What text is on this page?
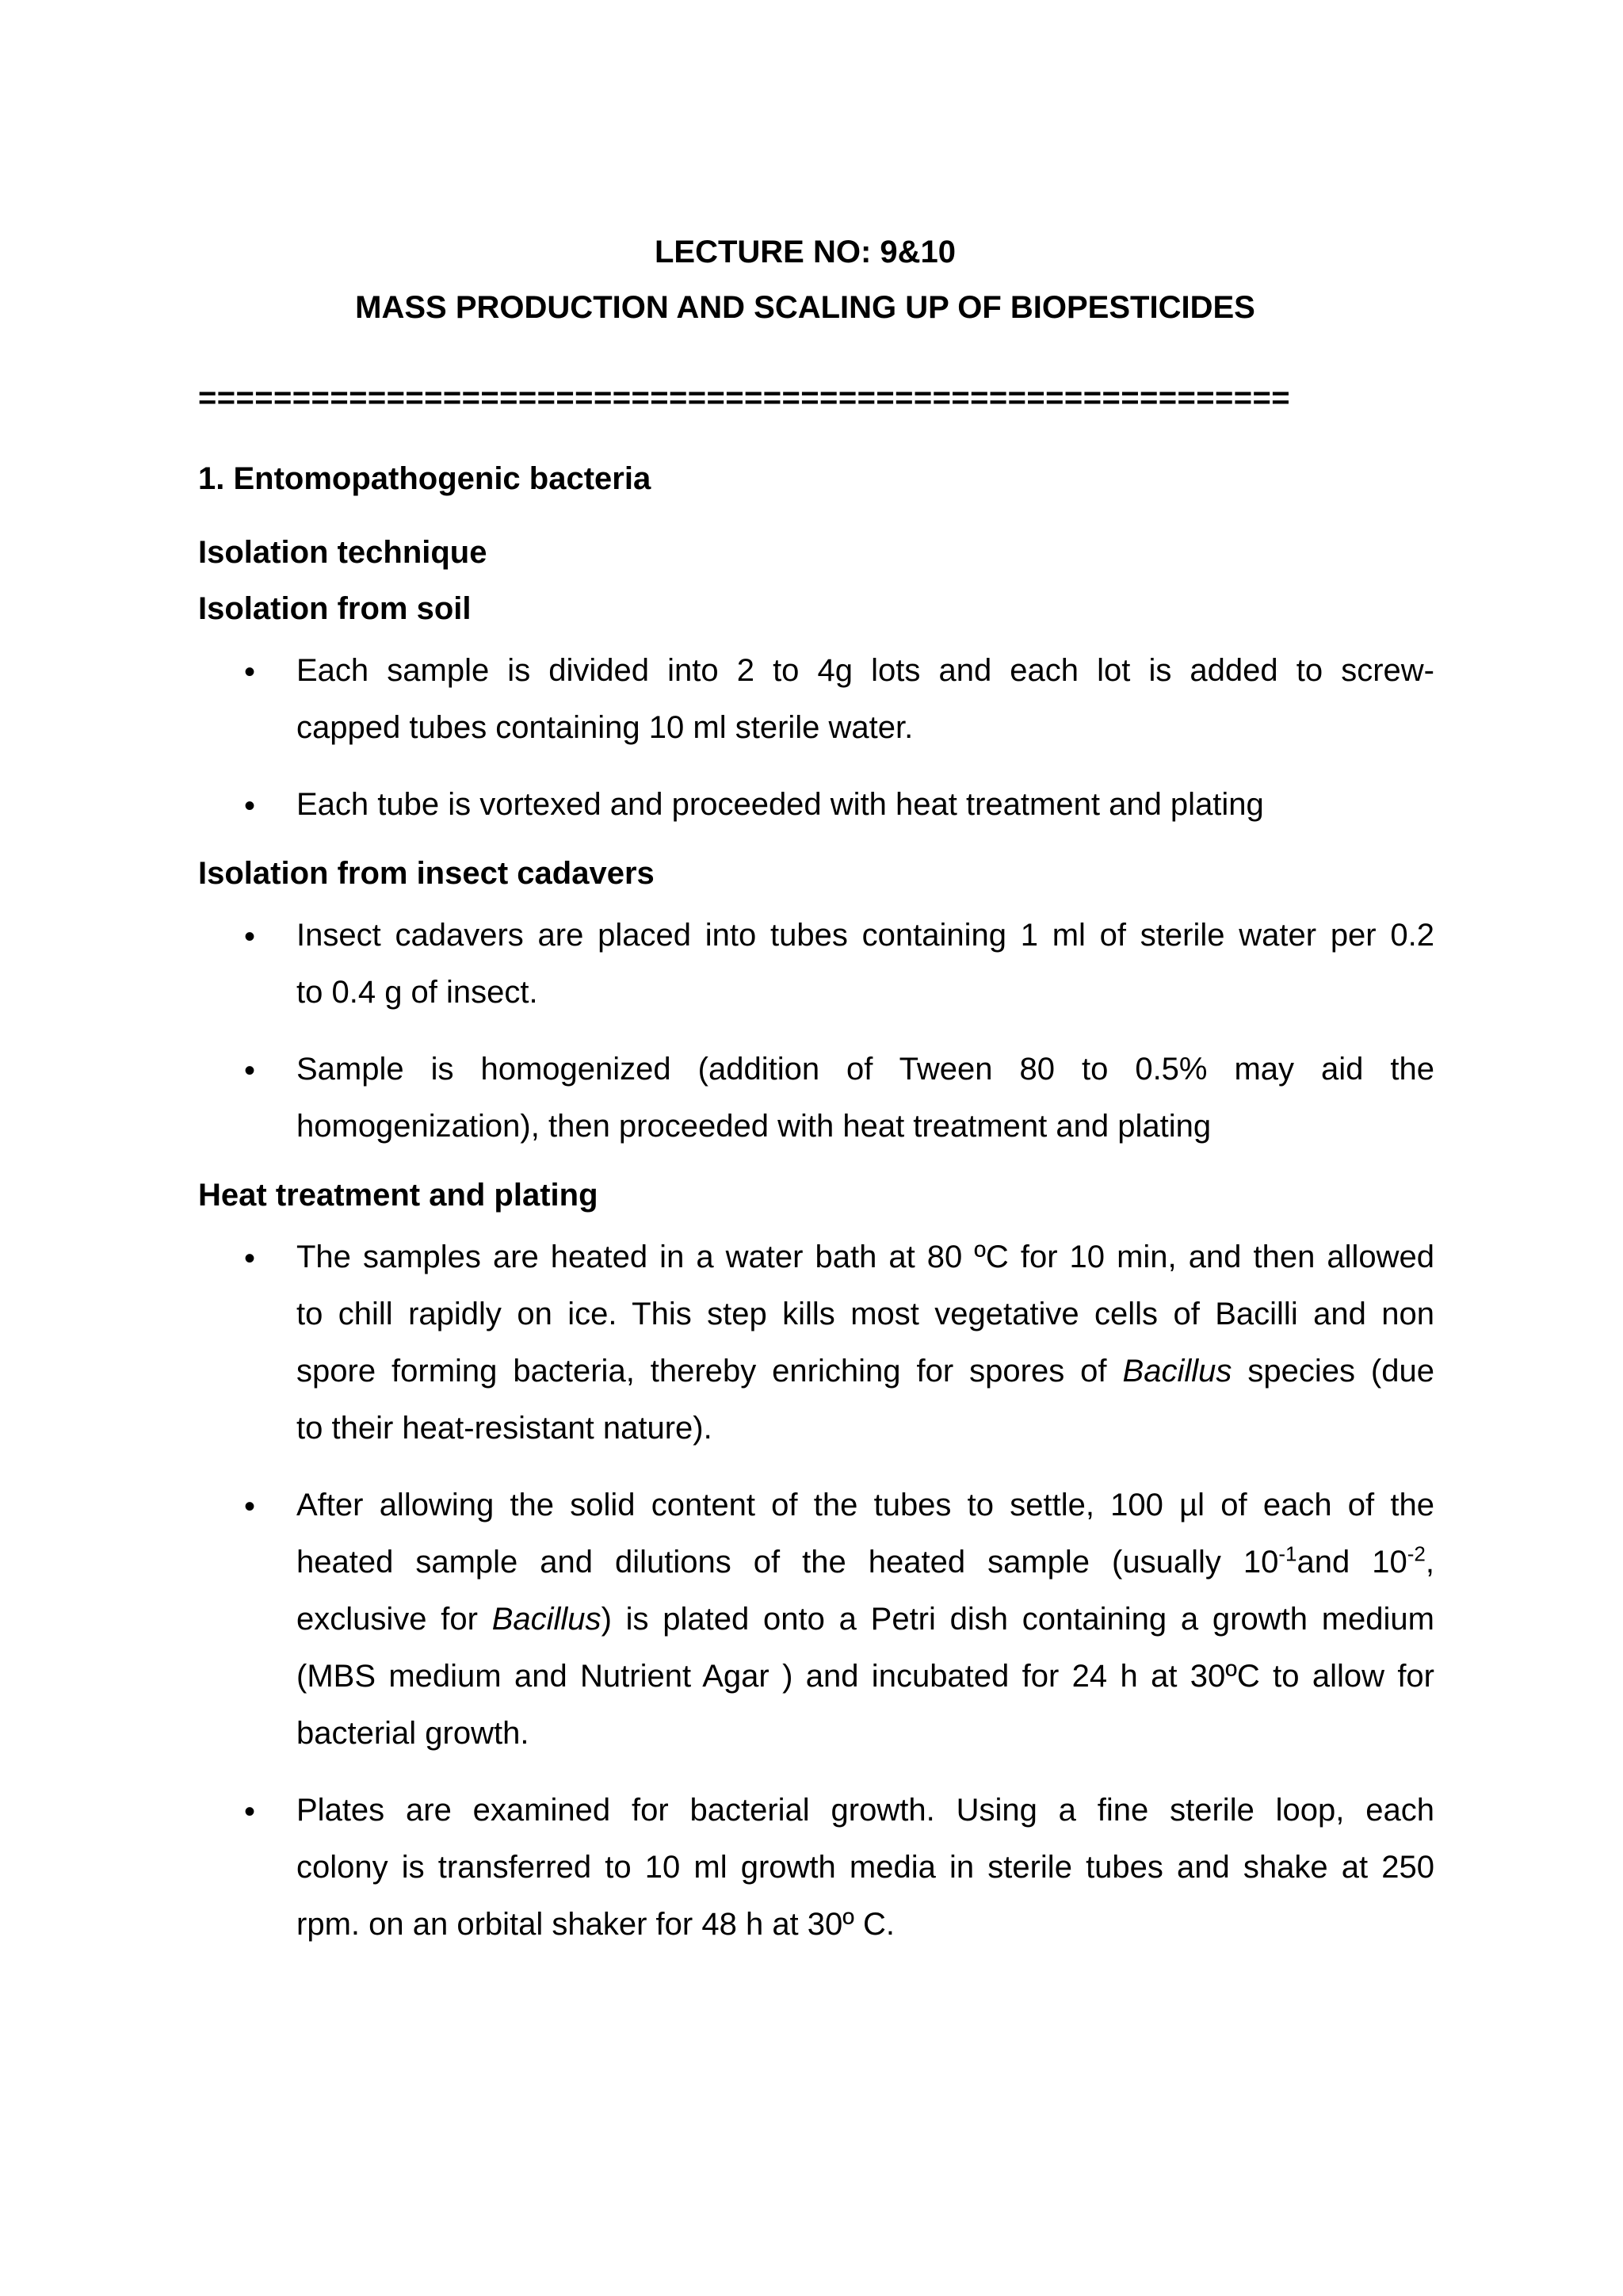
LECTURE NO: 9&10
MASS PRODUCTION AND SCALING UP OF BIOPESTICIDES
==========================================================
1. Entomopathogenic bacteria
Isolation technique
Isolation from soil
• Each sample is divided into 2 to 4g lots and each lot is added to screw-
capped tubes containing 10 ml sterile water.
• Each tube is vortexed and proceeded with heat treatment and plating
Isolation from insect cadavers
• Insect cadavers are placed into tubes containing 1 ml of sterile water per 0.2
to 0.4 g of insect.
• Sample is homogenized (addition of Tween 80 to 0.5% may aid the
homogenization), then proceeded with heat treatment and plating
Heat treatment and plating
• The samples are heated in a water bath at 80 ºC for 10 min, and then allowed
to chill rapidly on ice. This step kills most vegetative cells of Bacilli and non
spore forming bacteria, thereby enriching for spores of Bacillus species (due
to their heat-resistant nature).
• After allowing the solid content of the tubes to settle, 100 µl of each of the
heated sample and dilutions of the heated sample (usually $10^{-1}and$ $10^{-2}$,
exclusive for Bacillus) is plated onto a Petri dish containing a growth medium
(MBS medium and Nutrient Agar ) and incubated for 24 h at 30ºC to allow for
bacterial growth.
• Plates are examined for bacterial growth. Using a fine sterile loop, each
colony is transferred to 10 ml growth media in sterile tubes and shake at 250
rpm. on an orbital shaker for 48 h at 30º C.
